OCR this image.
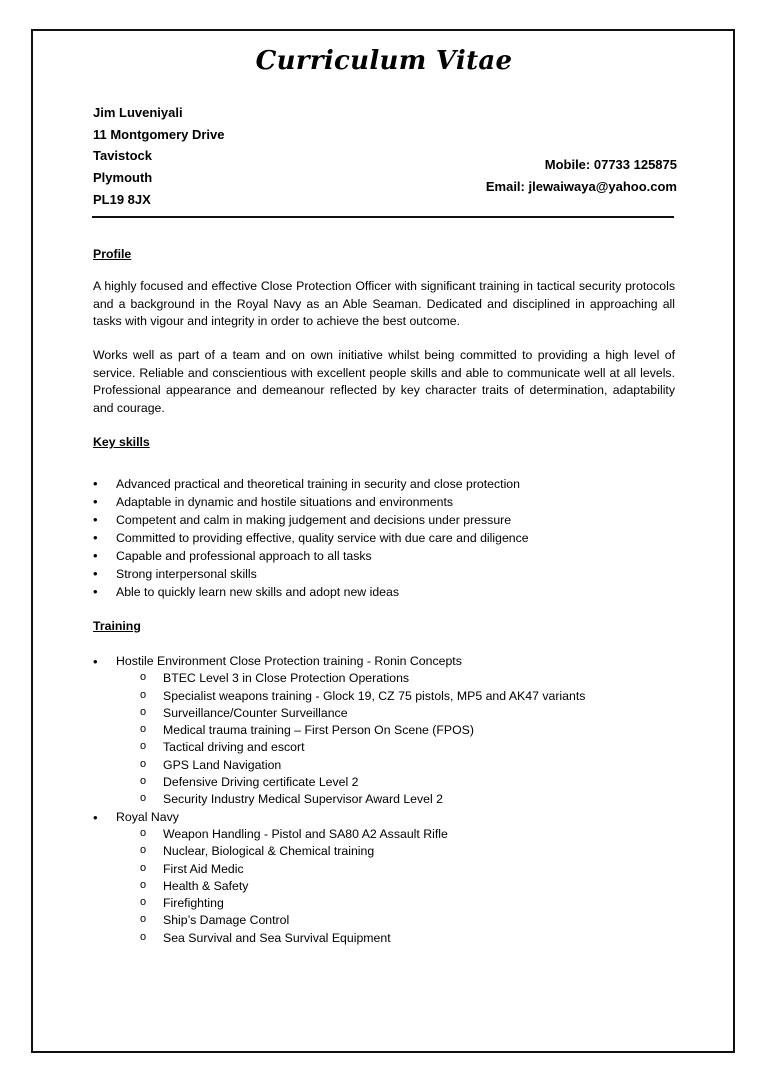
Curriculum Vitae
Jim Luveniyali
11 Montgomery Drive
Tavistock
Plymouth
PL19 8JX
Mobile: 07733 125875
Email: jlewaiwaya@yahoo.com
Profile

A highly focused and effective Close Protection Officer with significant training in tactical security protocols and a background in the Royal Navy as an Able Seaman. Dedicated and disciplined in approaching all tasks with vigour and integrity in order to achieve the best outcome.

Works well as part of a team and on own initiative whilst being committed to providing a high level of service. Reliable and conscientious with excellent people skills and able to communicate well at all levels. Professional appearance and demeanour reflected by key character traits of determination, adaptability and courage.

Key skills
• Advanced practical and theoretical training in security and close protection
• Adaptable in dynamic and hostile situations and environments
• Competent and calm in making judgement and decisions under pressure
• Committed to providing effective, quality service with due care and diligence
• Capable and professional approach to all tasks
• Strong interpersonal skills
• Able to quickly learn new skills and adopt new ideas
Training
• Hostile Environment Close Protection training - Ronin Concepts
o BTEC Level 3 in Close Protection Operations
o Specialist weapons training - Glock 19, CZ 75 pistols, MP5 and AK47 variants
o Surveillance/Counter Surveillance
o Medical trauma training – First Person On Scene (FPOS)
o Tactical driving and escort
o GPS Land Navigation
o Defensive Driving certificate Level 2
o Security Industry Medical Supervisor Award Level 2
• Royal Navy
o Weapon Handling - Pistol and SA80 A2 Assault Rifle
o Nuclear, Biological & Chemical training
o First Aid Medic
o Health & Safety
o Firefighting
o Ship’s Damage Control
o Sea Survival and Sea Survival Equipment
